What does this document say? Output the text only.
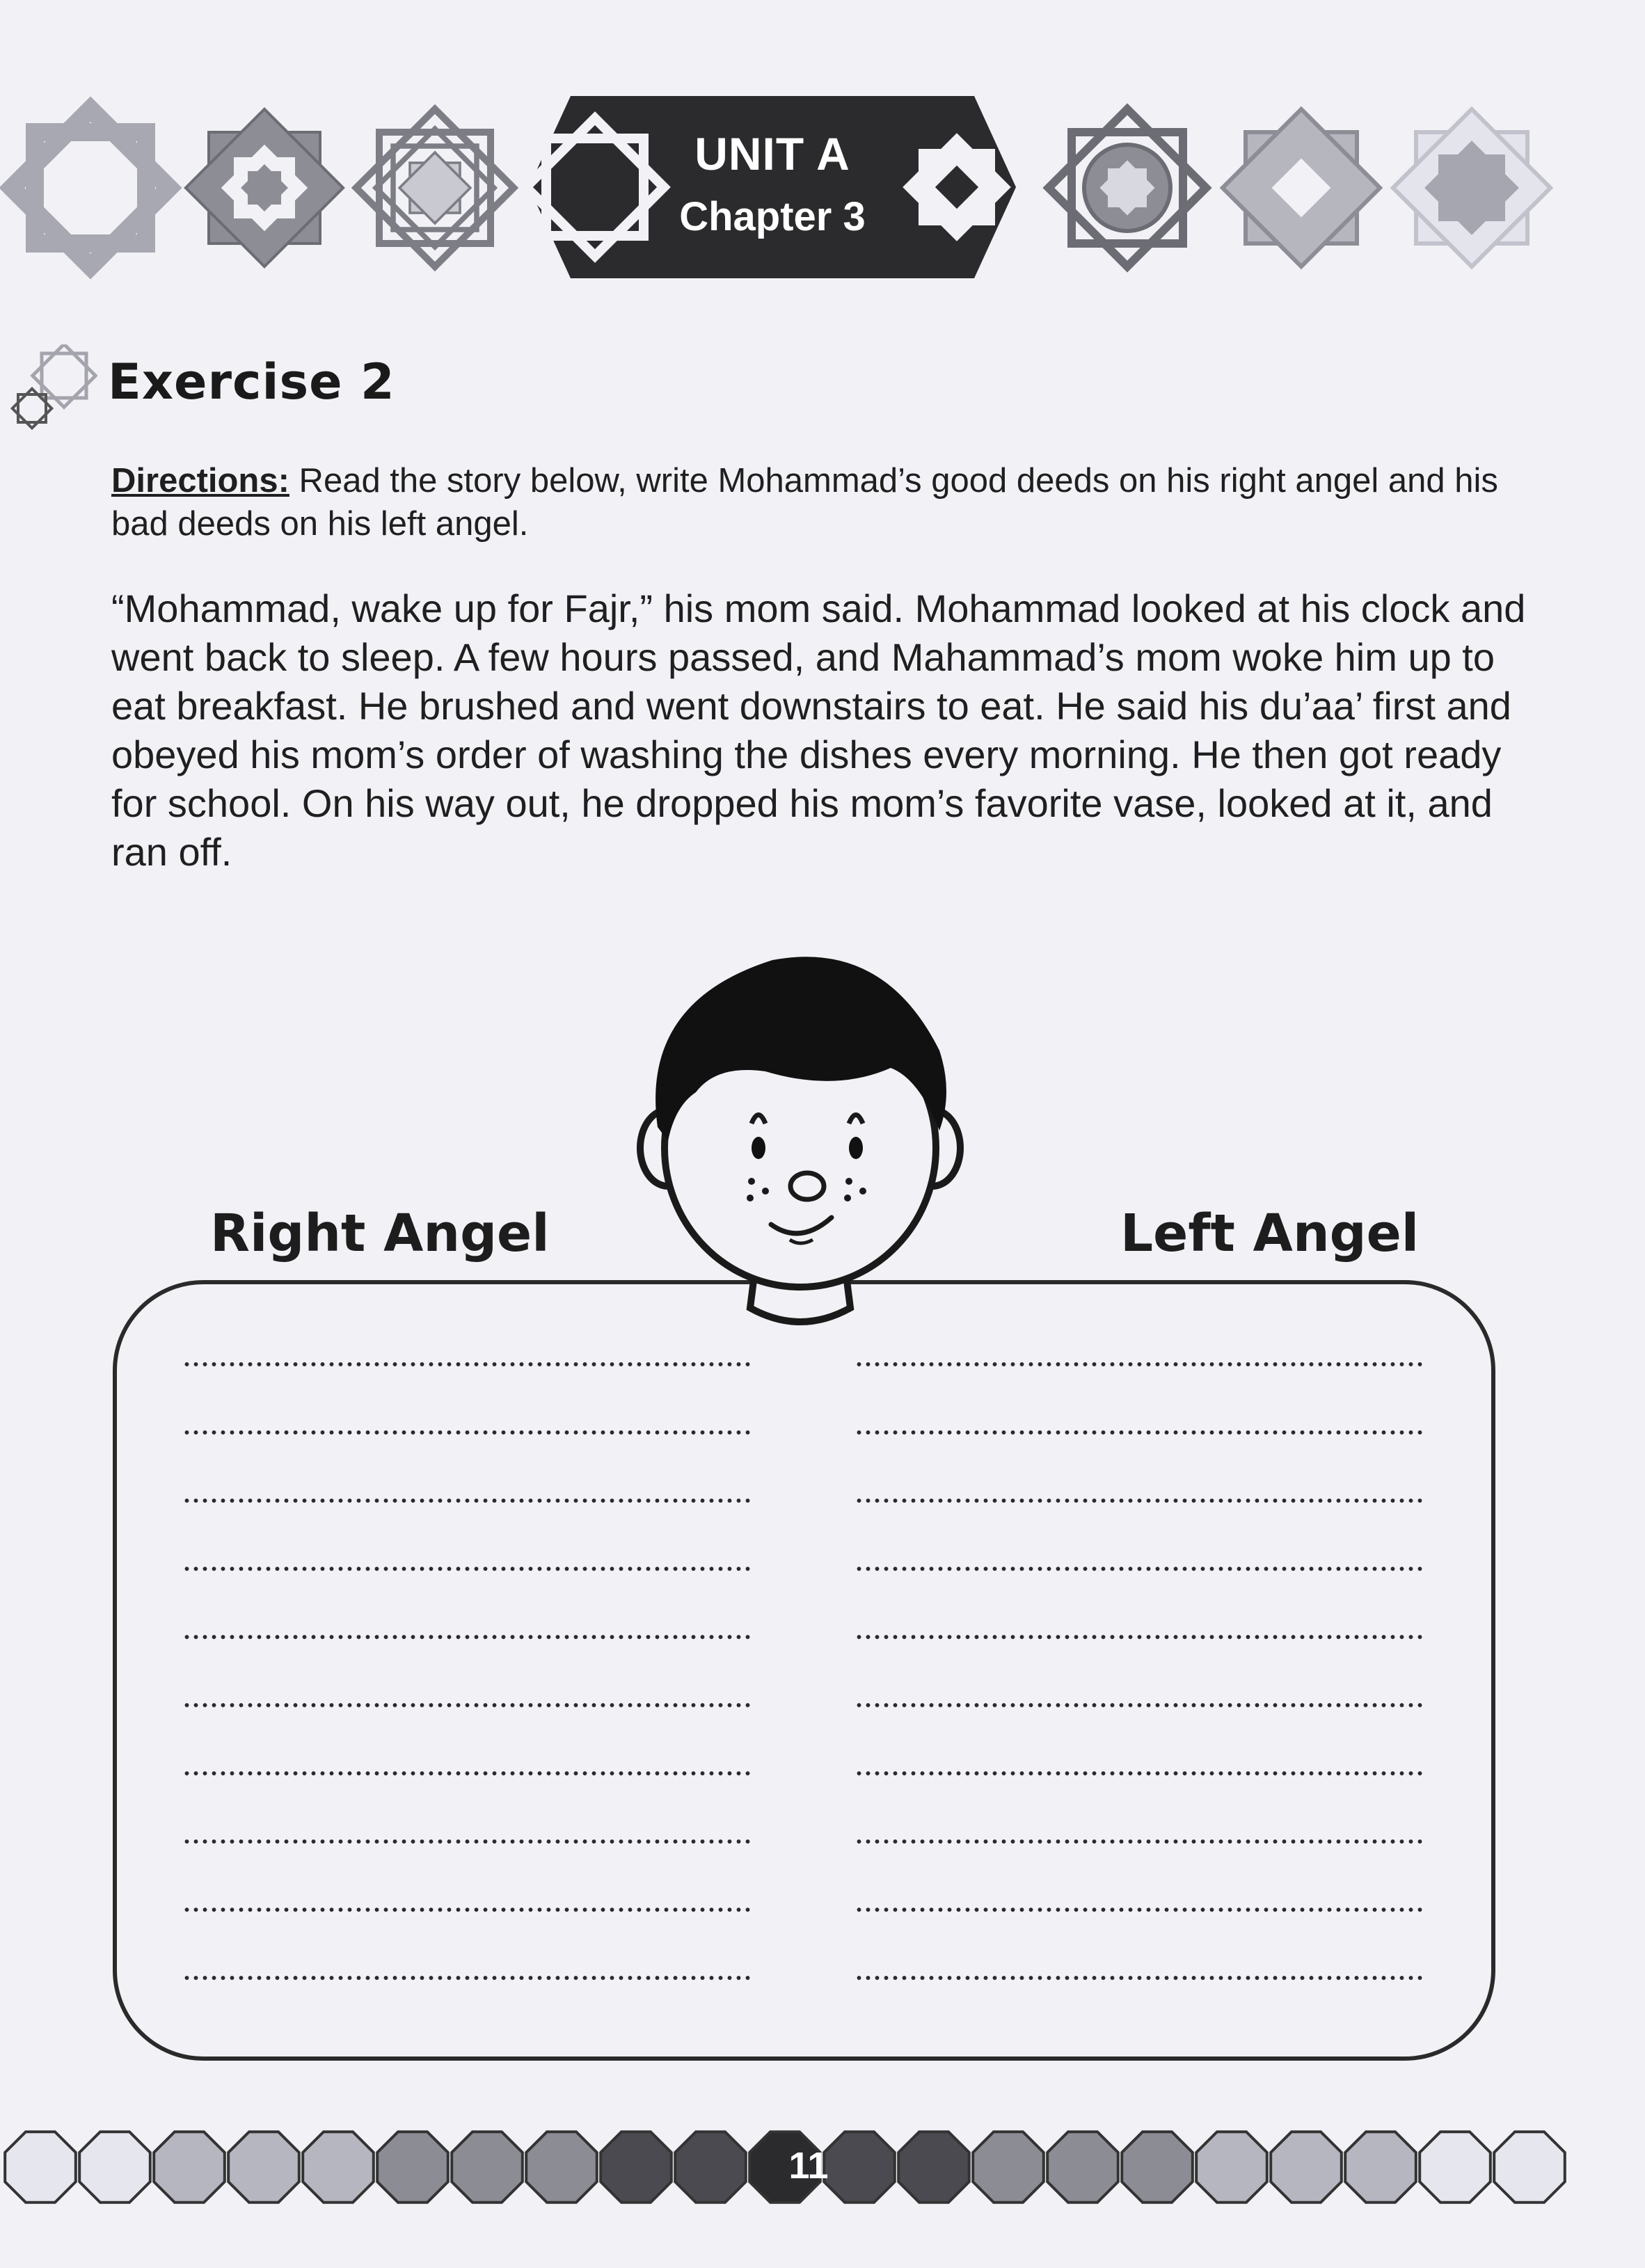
UNIT A
Chapter 3
Exercise 2
Directions: Read the story below, write Mohammad’s good deeds on his right angel and his bad deeds on his left angel.
“Mohammad, wake up for Fajr,” his mom said. Mohammad looked at his clock and went back to sleep. A few hours passed, and Mahammad’s mom woke him up to eat breakfast. He brushed and went downstairs to eat. He said his du’aa’ first and obeyed his mom’s order of washing the dishes every morning. He then got ready for school. On his way out, he dropped his mom’s favorite vase, looked at it, and ran off.
Right Angel	Left Angel
11
